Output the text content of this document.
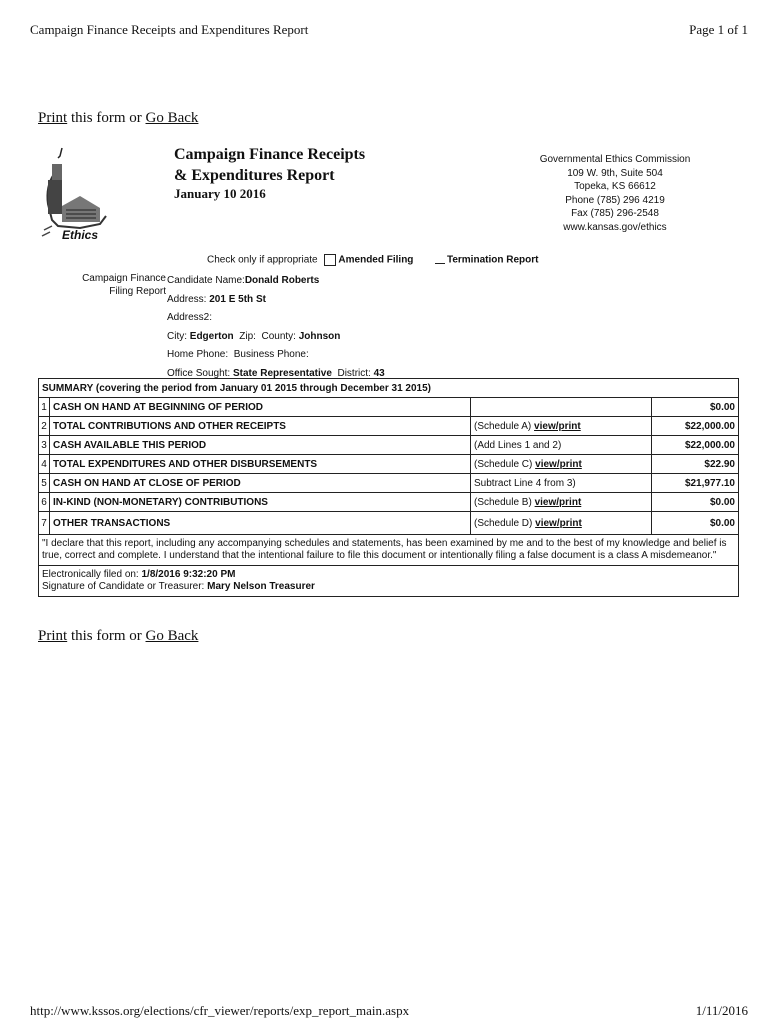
Campaign Finance Receipts and Expenditures Report	Page 1 of 1
Print this form or Go Back
Ethics
Campaign Finance Receipts
& Expenditures Report
January 10 2016
Governmental Ethics Commission
109 W. 9th, Suite 504
Topeka, KS 66612
Phone (785) 296 4219
Fax (785) 296-2548
www.kansas.gov/ethics
Check only if appropriate Amended Filing	Termination Report
Campaign Finance
Filing Report
Candidate Name:Donald Roberts
Address: 201 E 5th St
Address2:
City: Edgerton Zip: County: Johnson
Home Phone: Business Phone:
Office Sought: State Representative District: 43
SUMMARY (covering the period from January 01 2015 through December 31 2015)			
1	CASH ON HAND AT BEGINNING OF PERIOD		$0.00
2	TOTAL CONTRIBUTIONS AND OTHER RECEIPTS	(Schedule A) view/print	$22,000.00
3	CASH AVAILABLE THIS PERIOD	(Add Lines 1 and 2)	$22,000.00
4	TOTAL EXPENDITURES AND OTHER DISBURSEMENTS	(Schedule C) view/print	$22.90
5	CASH ON HAND AT CLOSE OF PERIOD	Subtract Line 4 from 3)	$21,977.10
6	IN-KIND (NON-MONETARY) CONTRIBUTIONS	(Schedule B) view/print	$0.00
7	OTHER TRANSACTIONS	(Schedule D) view/print	$0.00
"I declare that this report, including any accompanying schedules and statements, has been examined by me and to the best of my knowledge and belief is true, correct and complete. I understand that the intentional failure to file this document or intentionally filing a false document is a class A misdemeanor."			

Electronically filed on: 1/8/2016 9:32:20 PM
Signature of Candidate or Treasurer: Mary Nelson Treasurer			
Print this form or Go Back
http://www.kssos.org/elections/cfr_viewer/reports/exp_report_main.aspx	1/11/2016
